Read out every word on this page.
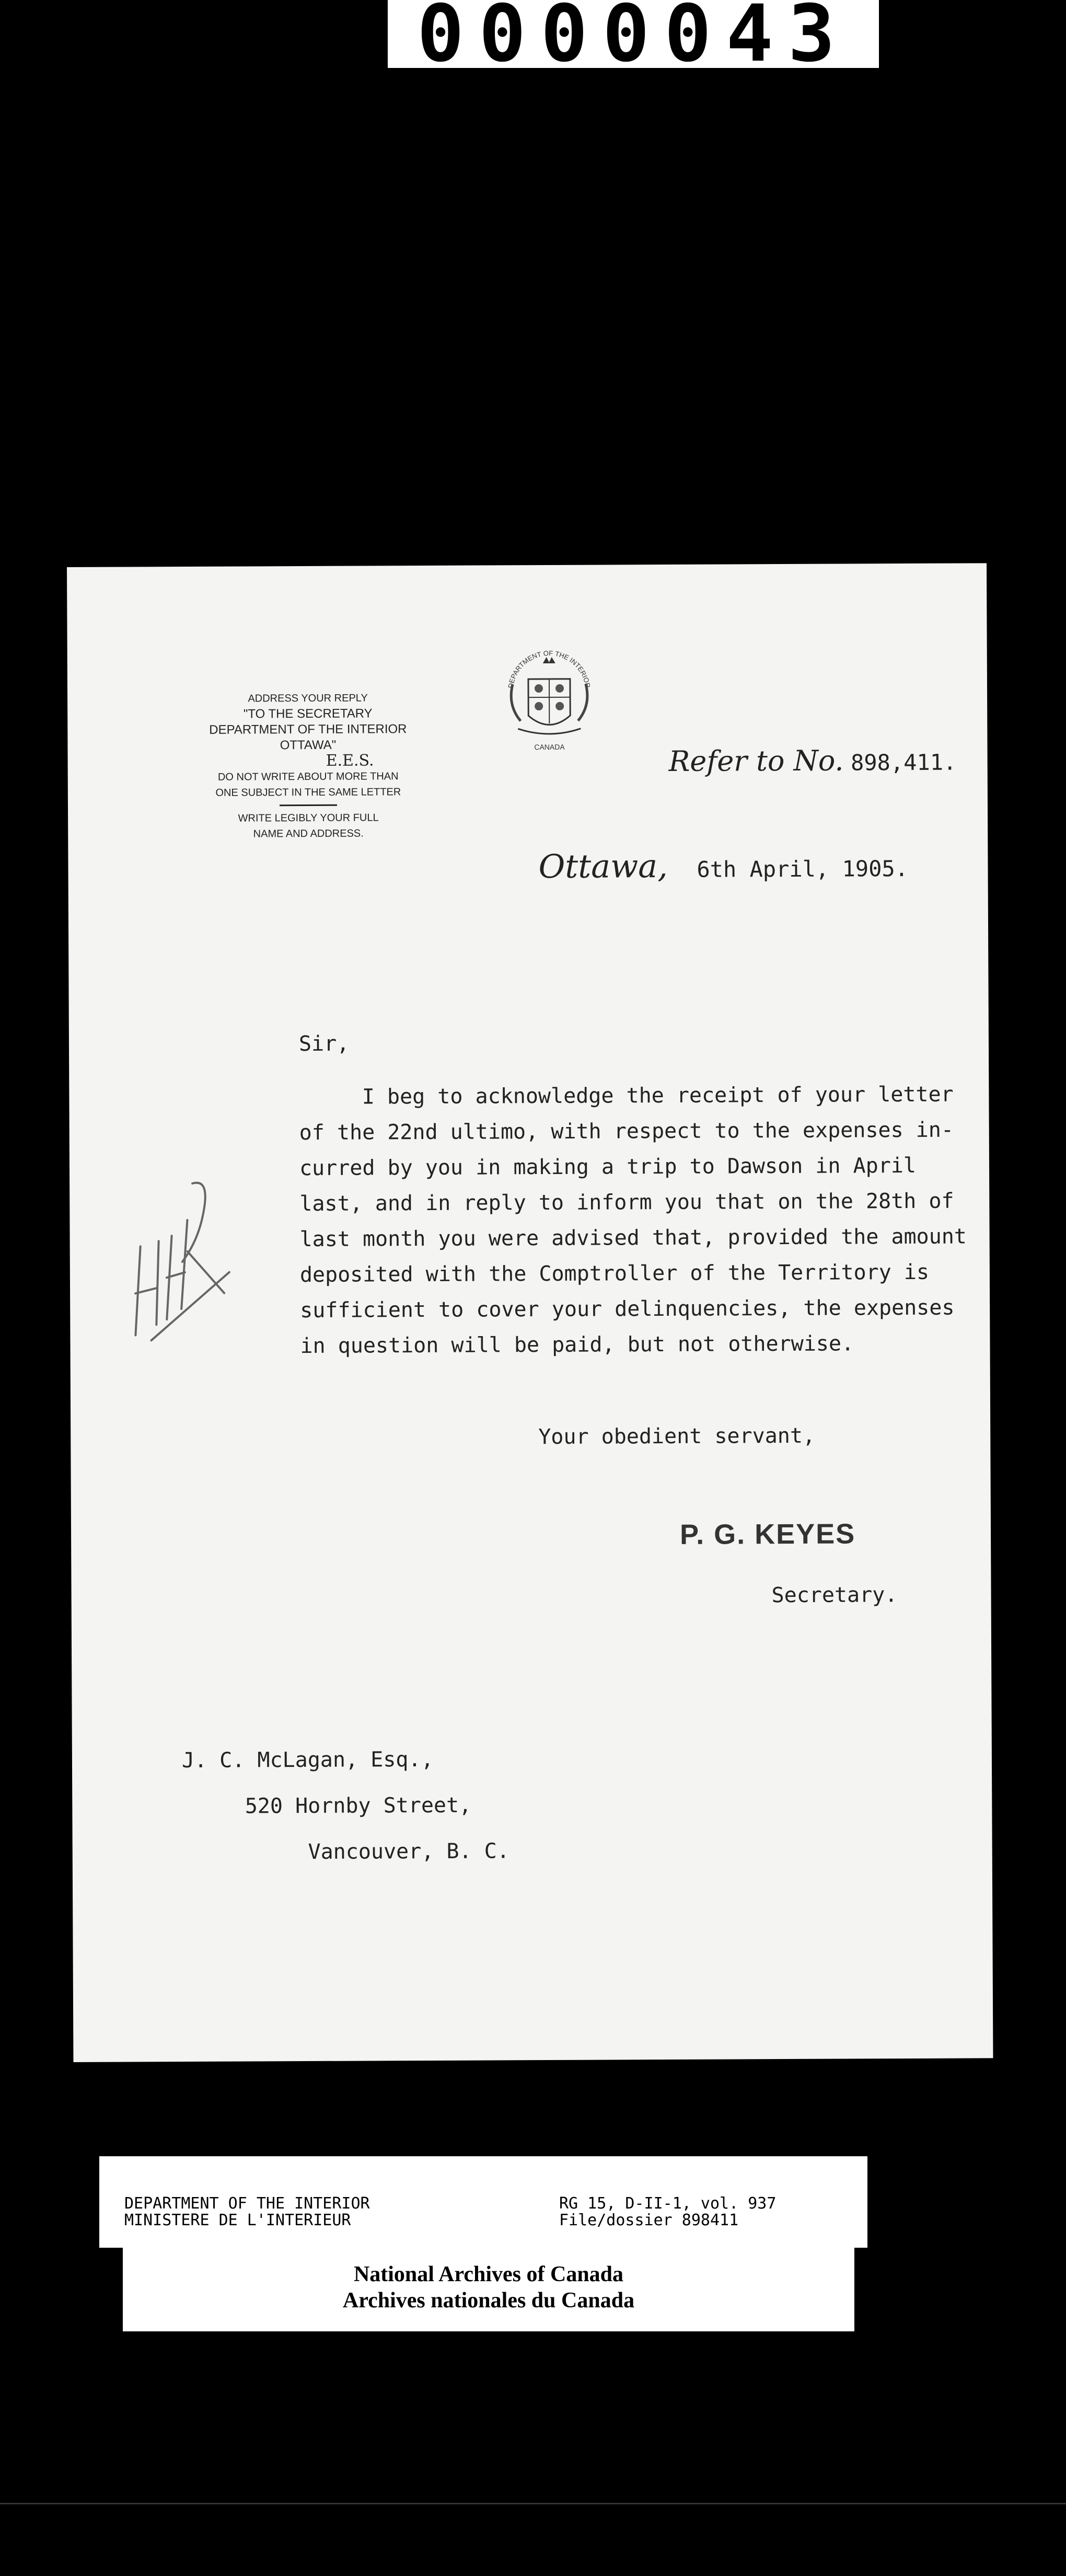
0000043
ADDRESS YOUR REPLY
"TO THE SECRETARY
DEPARTMENT OF THE INTERIOR
OTTAWA"
E.E.S.
DO NOT WRITE ABOUT MORE THAN
ONE SUBJECT IN THE SAME LETTER
WRITE LEGIBLY YOUR FULL
NAME AND ADDRESS.
DEPARTMENT OF THE INTERIOR
CANADA	Refer to No. 898,411.
Ottawa, 6th April, 1905.

Sir,

I beg to acknowledge the receipt of your letter

of the 22nd ultimo, with respect to the expenses in-

curred by you in making a trip to Dawson in April

last, and in reply to inform you that on the 28th of

last month you were advised that, provided the amount

deposited with the Comptroller of the Territory is

sufficient to cover your delinquencies, the expenses

in question will be paid, but not otherwise.

Your obedient servant,
P. G. KEYES
Secretary.
J. C. McLagan, Esq.,
520 Hornby Street,
Vancouver, B. C.
DEPARTMENT OF THE INTERIOR
MINISTERE DE L'INTERIEUR
RG 15, D-II-1, vol. 937
File/dossier 898411
National Archives of Canada
Archives nationales du Canada
